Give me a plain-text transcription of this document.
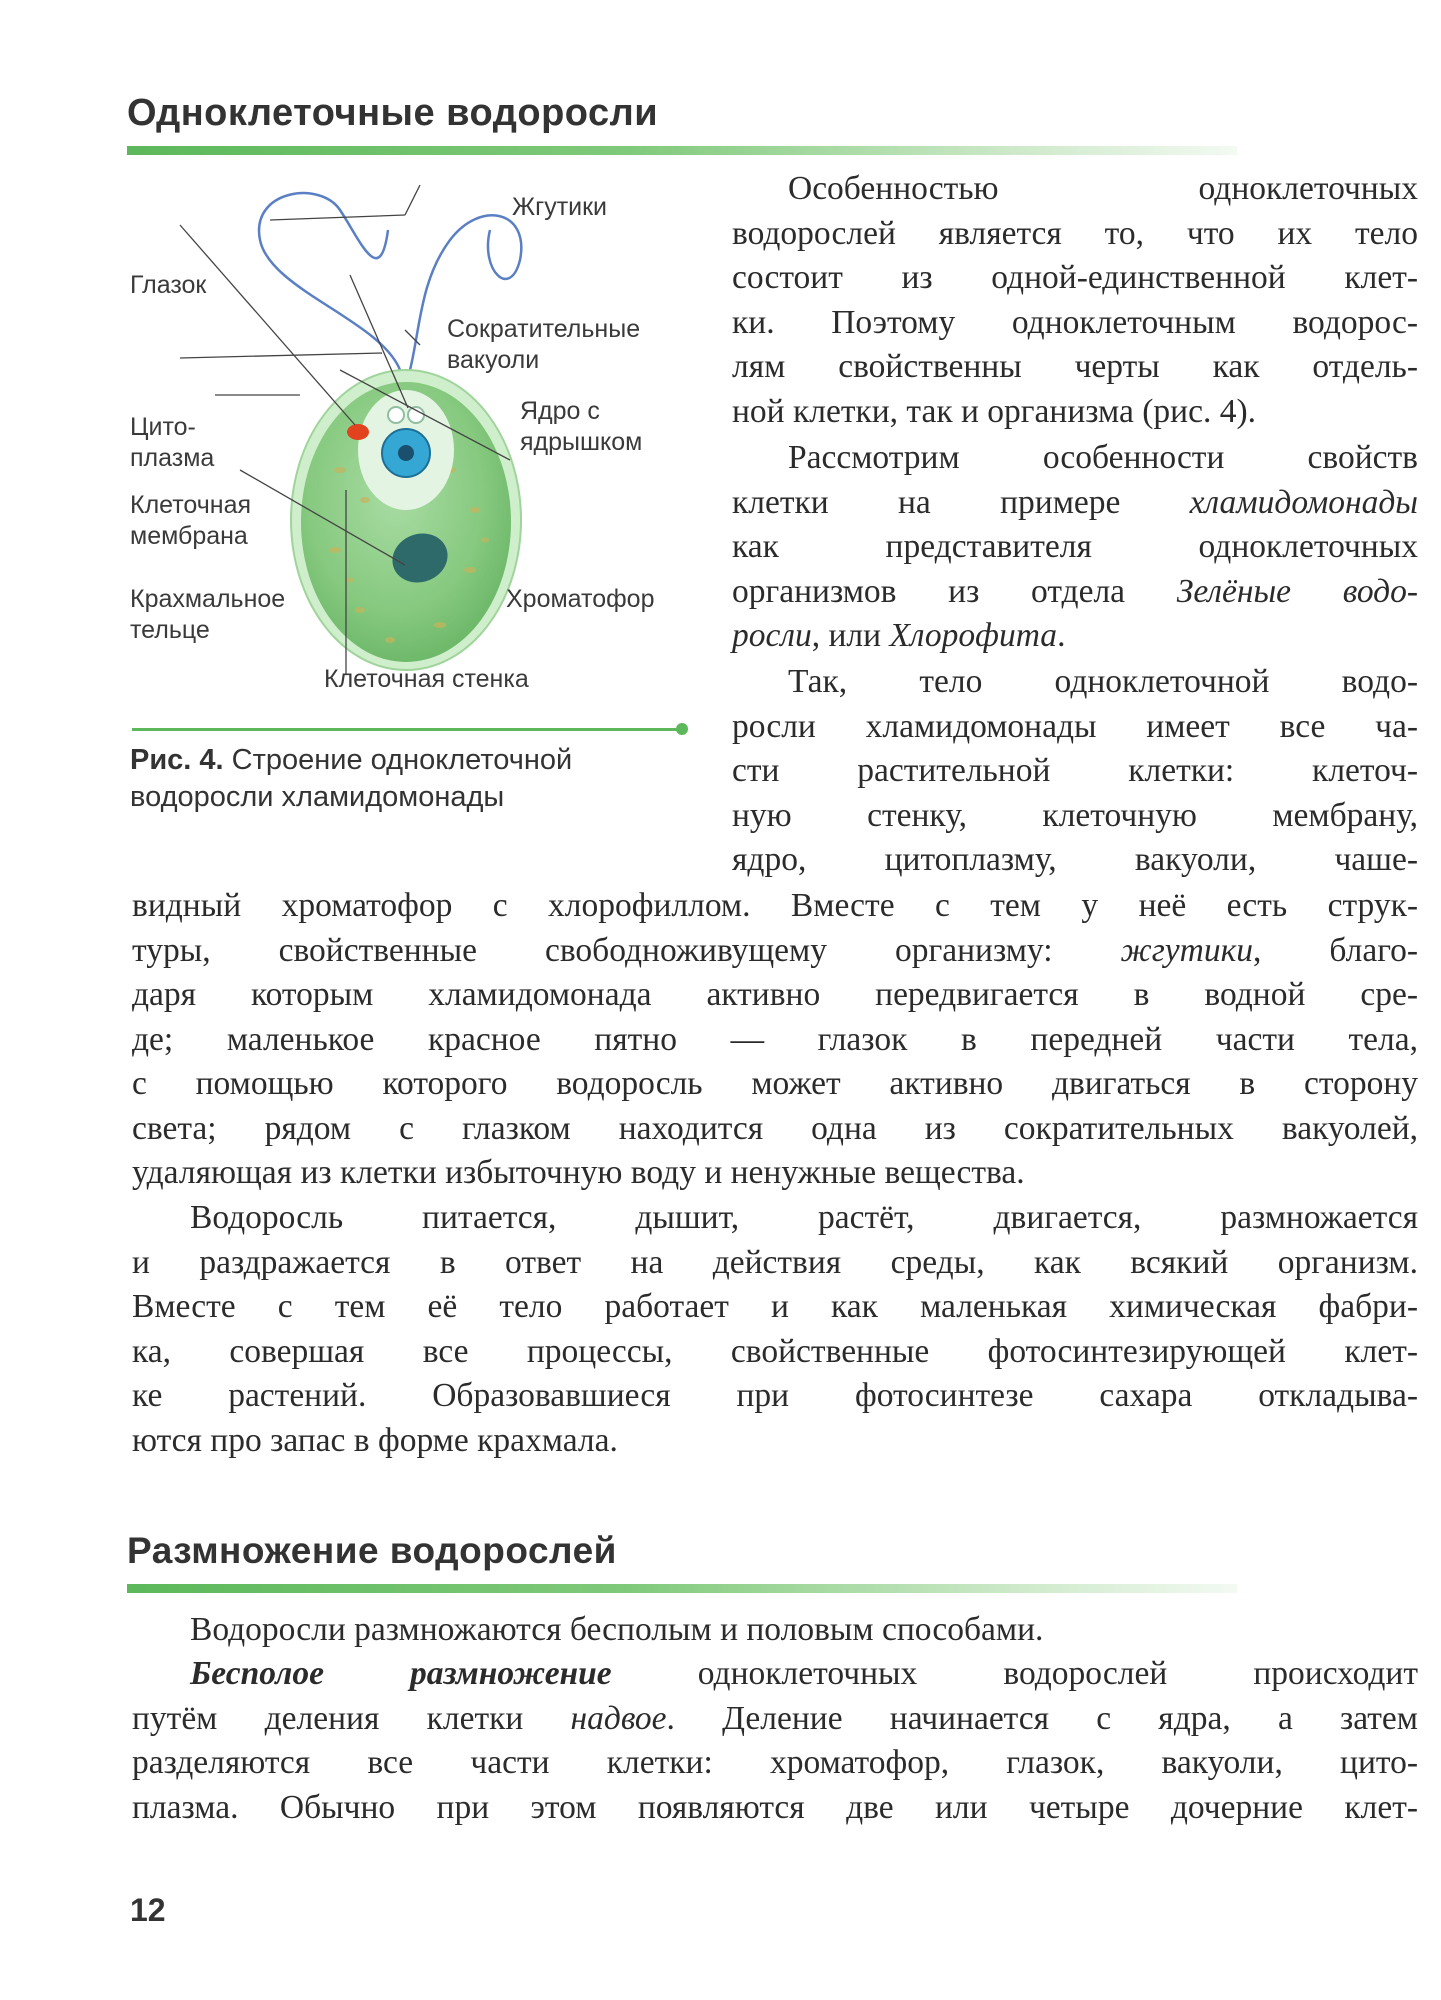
Одноклеточные водоросли

Жгутики

Глазок

Сократительные
вакуоли
Цито-
плазма
Ядро с
ядрышком
Клеточная
мембрана
Крахмальное
тельце

Хроматофор

Клеточная стенка

Рис. 4. Строение одноклеточной
водоросли хламидомонады
Особенностью одноклеточных
водорослей является то, что их тело
состоит из одной-единственной клет-
ки. Поэтому одноклеточным водорос-
лям свойственны черты как отдель-
ной клетки, так и организма (рис. 4).
Рассмотрим особенности свойств
клетки на примере хламидомонады
как представителя одноклеточных
организмов из отдела Зелёные водо-
росли, или Хлорофита.
Так, тело одноклеточной водо-
росли хламидомонады имеет все ча-
сти растительной клетки: клеточ-
ную стенку, клеточную мембрану,
ядро, цитоплазму, вакуоли, чаше-
видный хроматофор с хлорофиллом. Вместе с тем у неё есть струк-
туры, свойственные свободноживущему организму: жгутики, благо-
даря которым хламидомонада активно передвигается в водной сре-
де; маленькое красное пятно — глазок в передней части тела,
с помощью которого водоросль может активно двигаться в сторону
света; рядом с глазком находится одна из сократительных вакуолей,
удаляющая из клетки избыточную воду и ненужные вещества.
Водоросль питается, дышит, растёт, двигается, размножается
и раздражается в ответ на действия среды, как всякий организм.
Вместе с тем её тело работает и как маленькая химическая фабри-
ка, совершая все процессы, свойственные фотосинтезирующей клет-
ке растений. Образовавшиеся при фотосинтезе сахара откладыва-
ются про запас в форме крахмала.
Размножение водорослей
Водоросли размножаются бесполым и половым способами.
Бесполое размножение одноклеточных водорослей происходит
путём деления клетки надвое. Деление начинается с ядра, а затем
разделяются все части клетки: хроматофор, глазок, вакуоли, цито-
плазма. Обычно при этом появляются две или четыре дочерние клет-

12
